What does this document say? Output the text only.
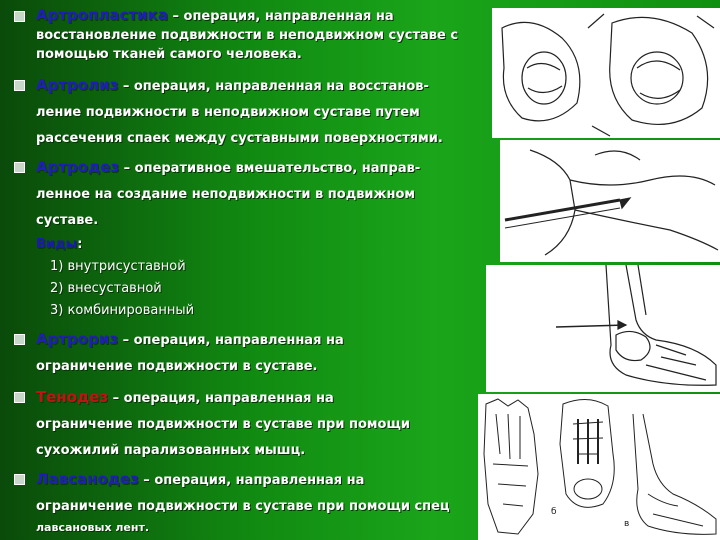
Артропластика – операция, направленная на
восстановление подвижности в неподвижном суставе с
помощью тканей самого человека.
Артролиз – операция, направленная на восстанов-
ление подвижности в неподвижном суставе путем
рассечения спаек между суставными поверхностями.
Артродез – оперативное вмешательство, направ-
ленное на создание неподвижности в подвижном
суставе.
Виды:
1) внутрисуставной
2) внесуставной
3) комбинированный
Артрориз – операция, направленная на
ограничение подвижности в суставе.
Тенодез – операция, направленная на
ограничение подвижности в суставе при помощи
сухожилий парализованных мышц.
Лавсанодез – операция, направленная на
ограничение подвижности в суставе при помощи спец
лавсановых лент.
б
в
